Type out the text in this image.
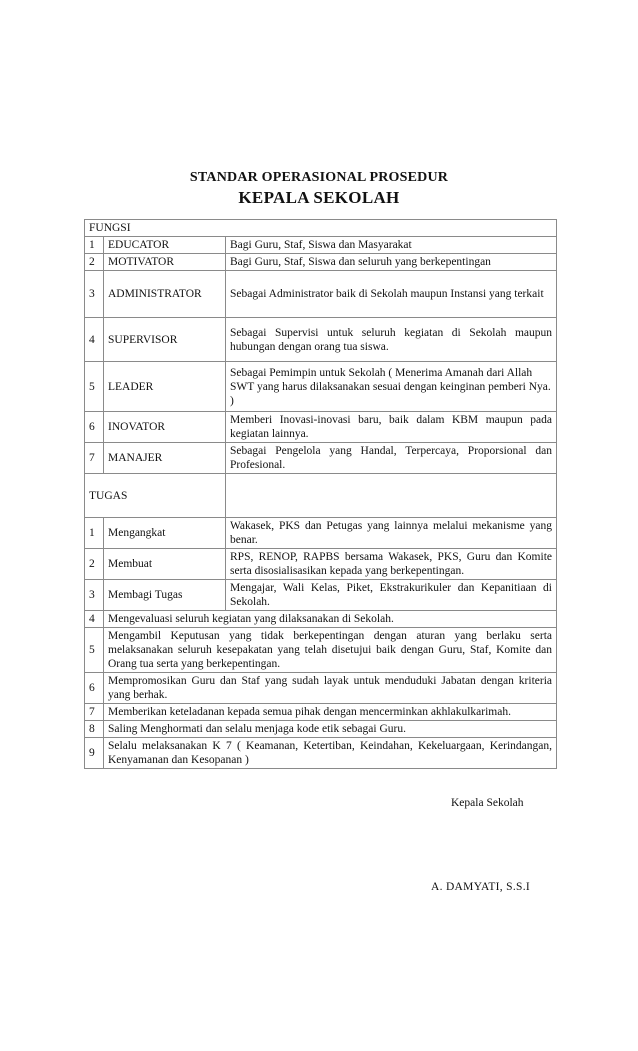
STANDAR OPERASIONAL PROSEDUR
KEPALA SEKOLAH
FUNGSI		
1	EDUCATOR	Bagi Guru, Staf, Siswa dan Masyarakat
2	MOTIVATOR	Bagi Guru, Staf, Siswa dan seluruh yang berkepentingan
3	ADMINISTRATOR	Sebagai Administrator baik di Sekolah maupun Instansi yang terkait
4	SUPERVISOR	Sebagai Supervisi untuk seluruh kegiatan di Sekolah maupun hubungan dengan orang tua siswa.
5	LEADER	Sebagai Pemimpin untuk Sekolah ( Menerima Amanah dari Allah SWT yang harus dilaksanakan sesuai dengan keinginan pemberi Nya. )
6	INOVATOR	Memberi Inovasi-inovasi baru, baik dalam KBM maupun pada kegiatan lainnya.
7	MANAJER	Sebagai Pengelola yang Handal, Terpercaya, Proporsional dan Profesional.
TUGAS		
1	Mengangkat	Wakasek, PKS dan Petugas yang lainnya melalui mekanisme yang benar.
2	Membuat	RPS, RENOP, RAPBS bersama Wakasek, PKS, Guru dan Komite serta disosialisasikan kepada yang berkepentingan.
3	Membagi Tugas	Mengajar, Wali Kelas, Piket, Ekstrakurikuler dan Kepanitiaan di Sekolah.
4	Mengevaluasi seluruh kegiatan yang dilaksanakan di Sekolah.	
5	Mengambil Keputusan yang tidak berkepentingan dengan aturan yang berlaku serta melaksanakan seluruh kesepakatan yang telah disetujui baik dengan Guru, Staf, Komite dan Orang tua serta yang berkepentingan.	
6	Mempromosikan Guru dan Staf yang sudah layak untuk menduduki Jabatan dengan kriteria yang berhak.	
7	Memberikan keteladanan kepada semua pihak dengan mencerminkan akhlakulkarimah.	
8	Saling Menghormati dan selalu menjaga kode etik sebagai Guru.	
9	Selalu melaksanakan K 7 ( Keamanan, Ketertiban, Keindahan, Kekeluargaan, Kerindangan, Kenyamanan dan Kesopanan )	
Kepala Sekolah
A. DAMYATI, S.S.I
